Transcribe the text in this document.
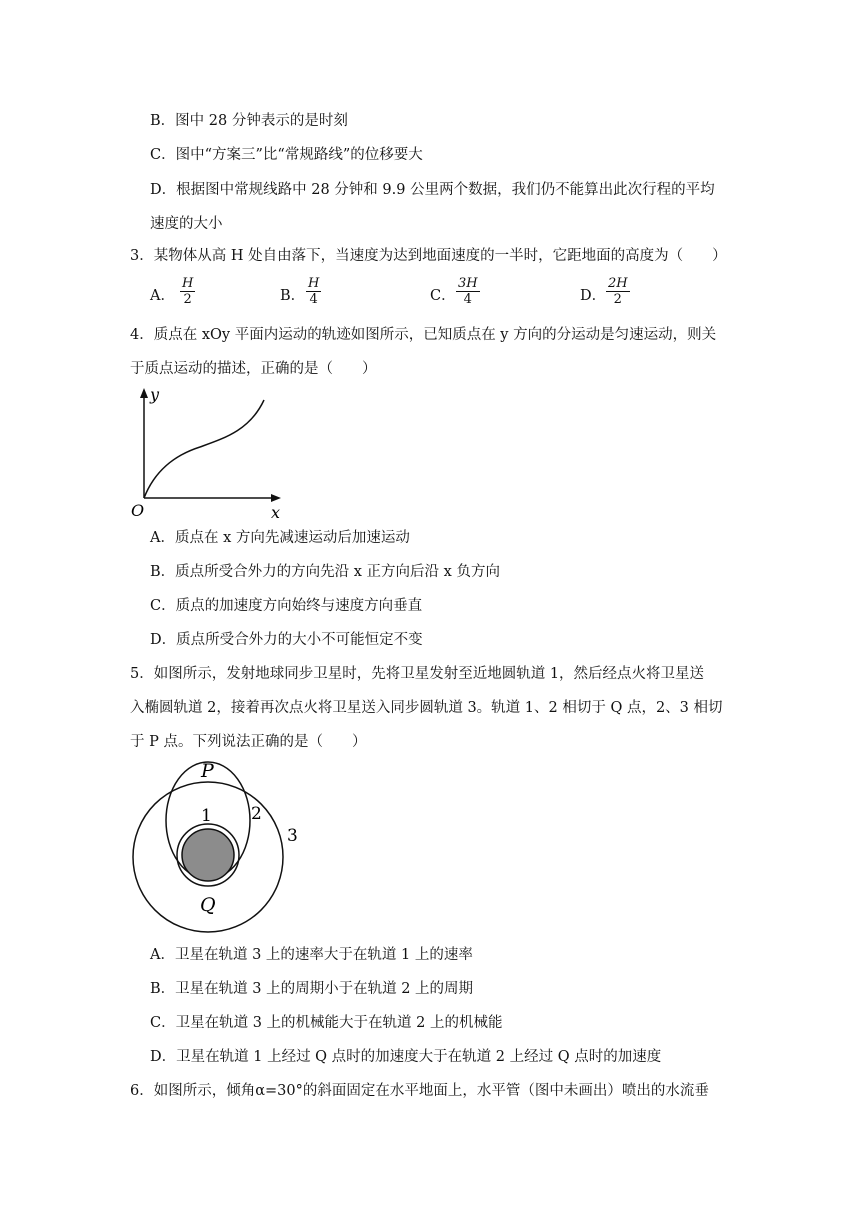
B．图中 28 分钟表示的是时刻
C．图中“方案三”比“常规路线”的位移要大
D．根据图中常规线路中 28 分钟和 9.9 公里两个数据，我们仍不能算出此次行程的平均
速度的大小
3．某物体从高 H 处自由落下，当速度为达到地面速度的一半时，它距地面的高度为（　　）
A． $\frac{H}{2}$	B． $\frac{H}{4}$	C． $\frac{3H}{4}$	D． $\frac{2H}{2}$
4．质点在 xOy 平面内运动的轨迹如图所示，已知质点在 y 方向的分运动是匀速运动，则关
于质点运动的描述，正确的是（　　）
y
x
O
A．质点在 x 方向先减速运动后加速运动
B．质点所受合外力的方向先沿 x 正方向后沿 x 负方向
C．质点的加速度方向始终与速度方向垂直
D．质点所受合外力的大小不可能恒定不变
5．如图所示，发射地球同步卫星时，先将卫星发射至近地圆轨道 1，然后经点火将卫星送
入椭圆轨道 2，接着再次点火将卫星送入同步圆轨道 3。轨道 1、2 相切于 Q 点，2、3 相切
于 P 点。下列说法正确的是（　　）
P
Q
1 2
3
A．卫星在轨道 3 上的速率大于在轨道 1 上的速率
B．卫星在轨道 3 上的周期小于在轨道 2 上的周期
C．卫星在轨道 3 上的机械能大于在轨道 2 上的机械能
D．卫星在轨道 1 上经过 Q 点时的加速度大于在轨道 2 上经过 Q 点时的加速度
6．如图所示，倾角α=30°的斜面固定在水平地面上，水平管（图中未画出）喷出的水流垂
